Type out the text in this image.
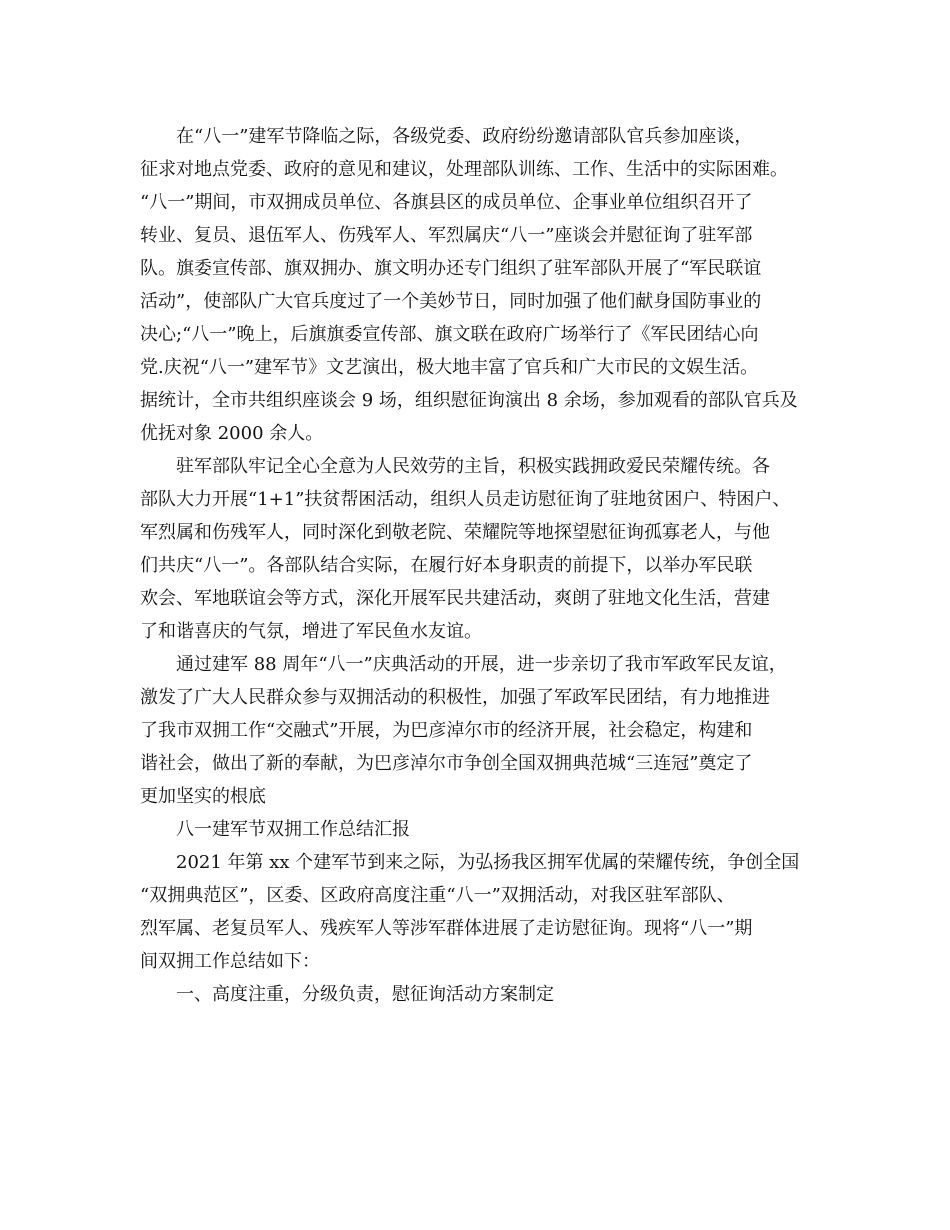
在“八一”建军节降临之际，各级党委、政府纷纷邀请部队官兵参加座谈，
征求对地点党委、政府的意见和建议，处理部队训练、工作、生活中的实际困难。
“八一”期间，市双拥成员单位、各旗县区的成员单位、企事业单位组织召开了
转业、复员、退伍军人、伤残军人、军烈属庆“八一”座谈会并慰征询了驻军部
队。旗委宣传部、旗双拥办、旗文明办还专门组织了驻军部队开展了“军民联谊
活动”，使部队广大官兵度过了一个美妙节日，同时加强了他们献身国防事业的
决心;“八一”晚上，后旗旗委宣传部、旗文联在政府广场举行了《军民团结心向
党.庆祝“八一”建军节》文艺演出，极大地丰富了官兵和广大市民的文娱生活。
据统计，全市共组织座谈会 9 场，组织慰征询演出 8 余场，参加观看的部队官兵及
优抚对象 2000 余人。

驻军部队牢记全心全意为人民效劳的主旨，积极实践拥政爱民荣耀传统。各
部队大力开展“1+1”扶贫帮困活动，组织人员走访慰征询了驻地贫困户、特困户、
军烈属和伤残军人，同时深化到敬老院、荣耀院等地探望慰征询孤寡老人，与他
们共庆“八一”。各部队结合实际，在履行好本身职责的前提下，以举办军民联
欢会、军地联谊会等方式，深化开展军民共建活动，爽朗了驻地文化生活，营建
了和谐喜庆的气氛，增进了军民鱼水友谊。

通过建军 88 周年“八一”庆典活动的开展，进一步亲切了我市军政军民友谊，
激发了广大人民群众参与双拥活动的积极性，加强了军政军民团结，有力地推进
了我市双拥工作“交融式”开展，为巴彦淖尔市的经济开展，社会稳定，构建和
谐社会，做出了新的奉献，为巴彦淖尔市争创全国双拥典范城“三连冠”奠定了
更加坚实的根底

八一建军节双拥工作总结汇报

2021 年第 xx 个建军节到来之际，为弘扬我区拥军优属的荣耀传统，争创全国
“双拥典范区”，区委、区政府高度注重“八一”双拥活动，对我区驻军部队、
烈军属、老复员军人、残疾军人等涉军群体进展了走访慰征询。现将“八一”期
间双拥工作总结如下：

一、高度注重，分级负责，慰征询活动方案制定
